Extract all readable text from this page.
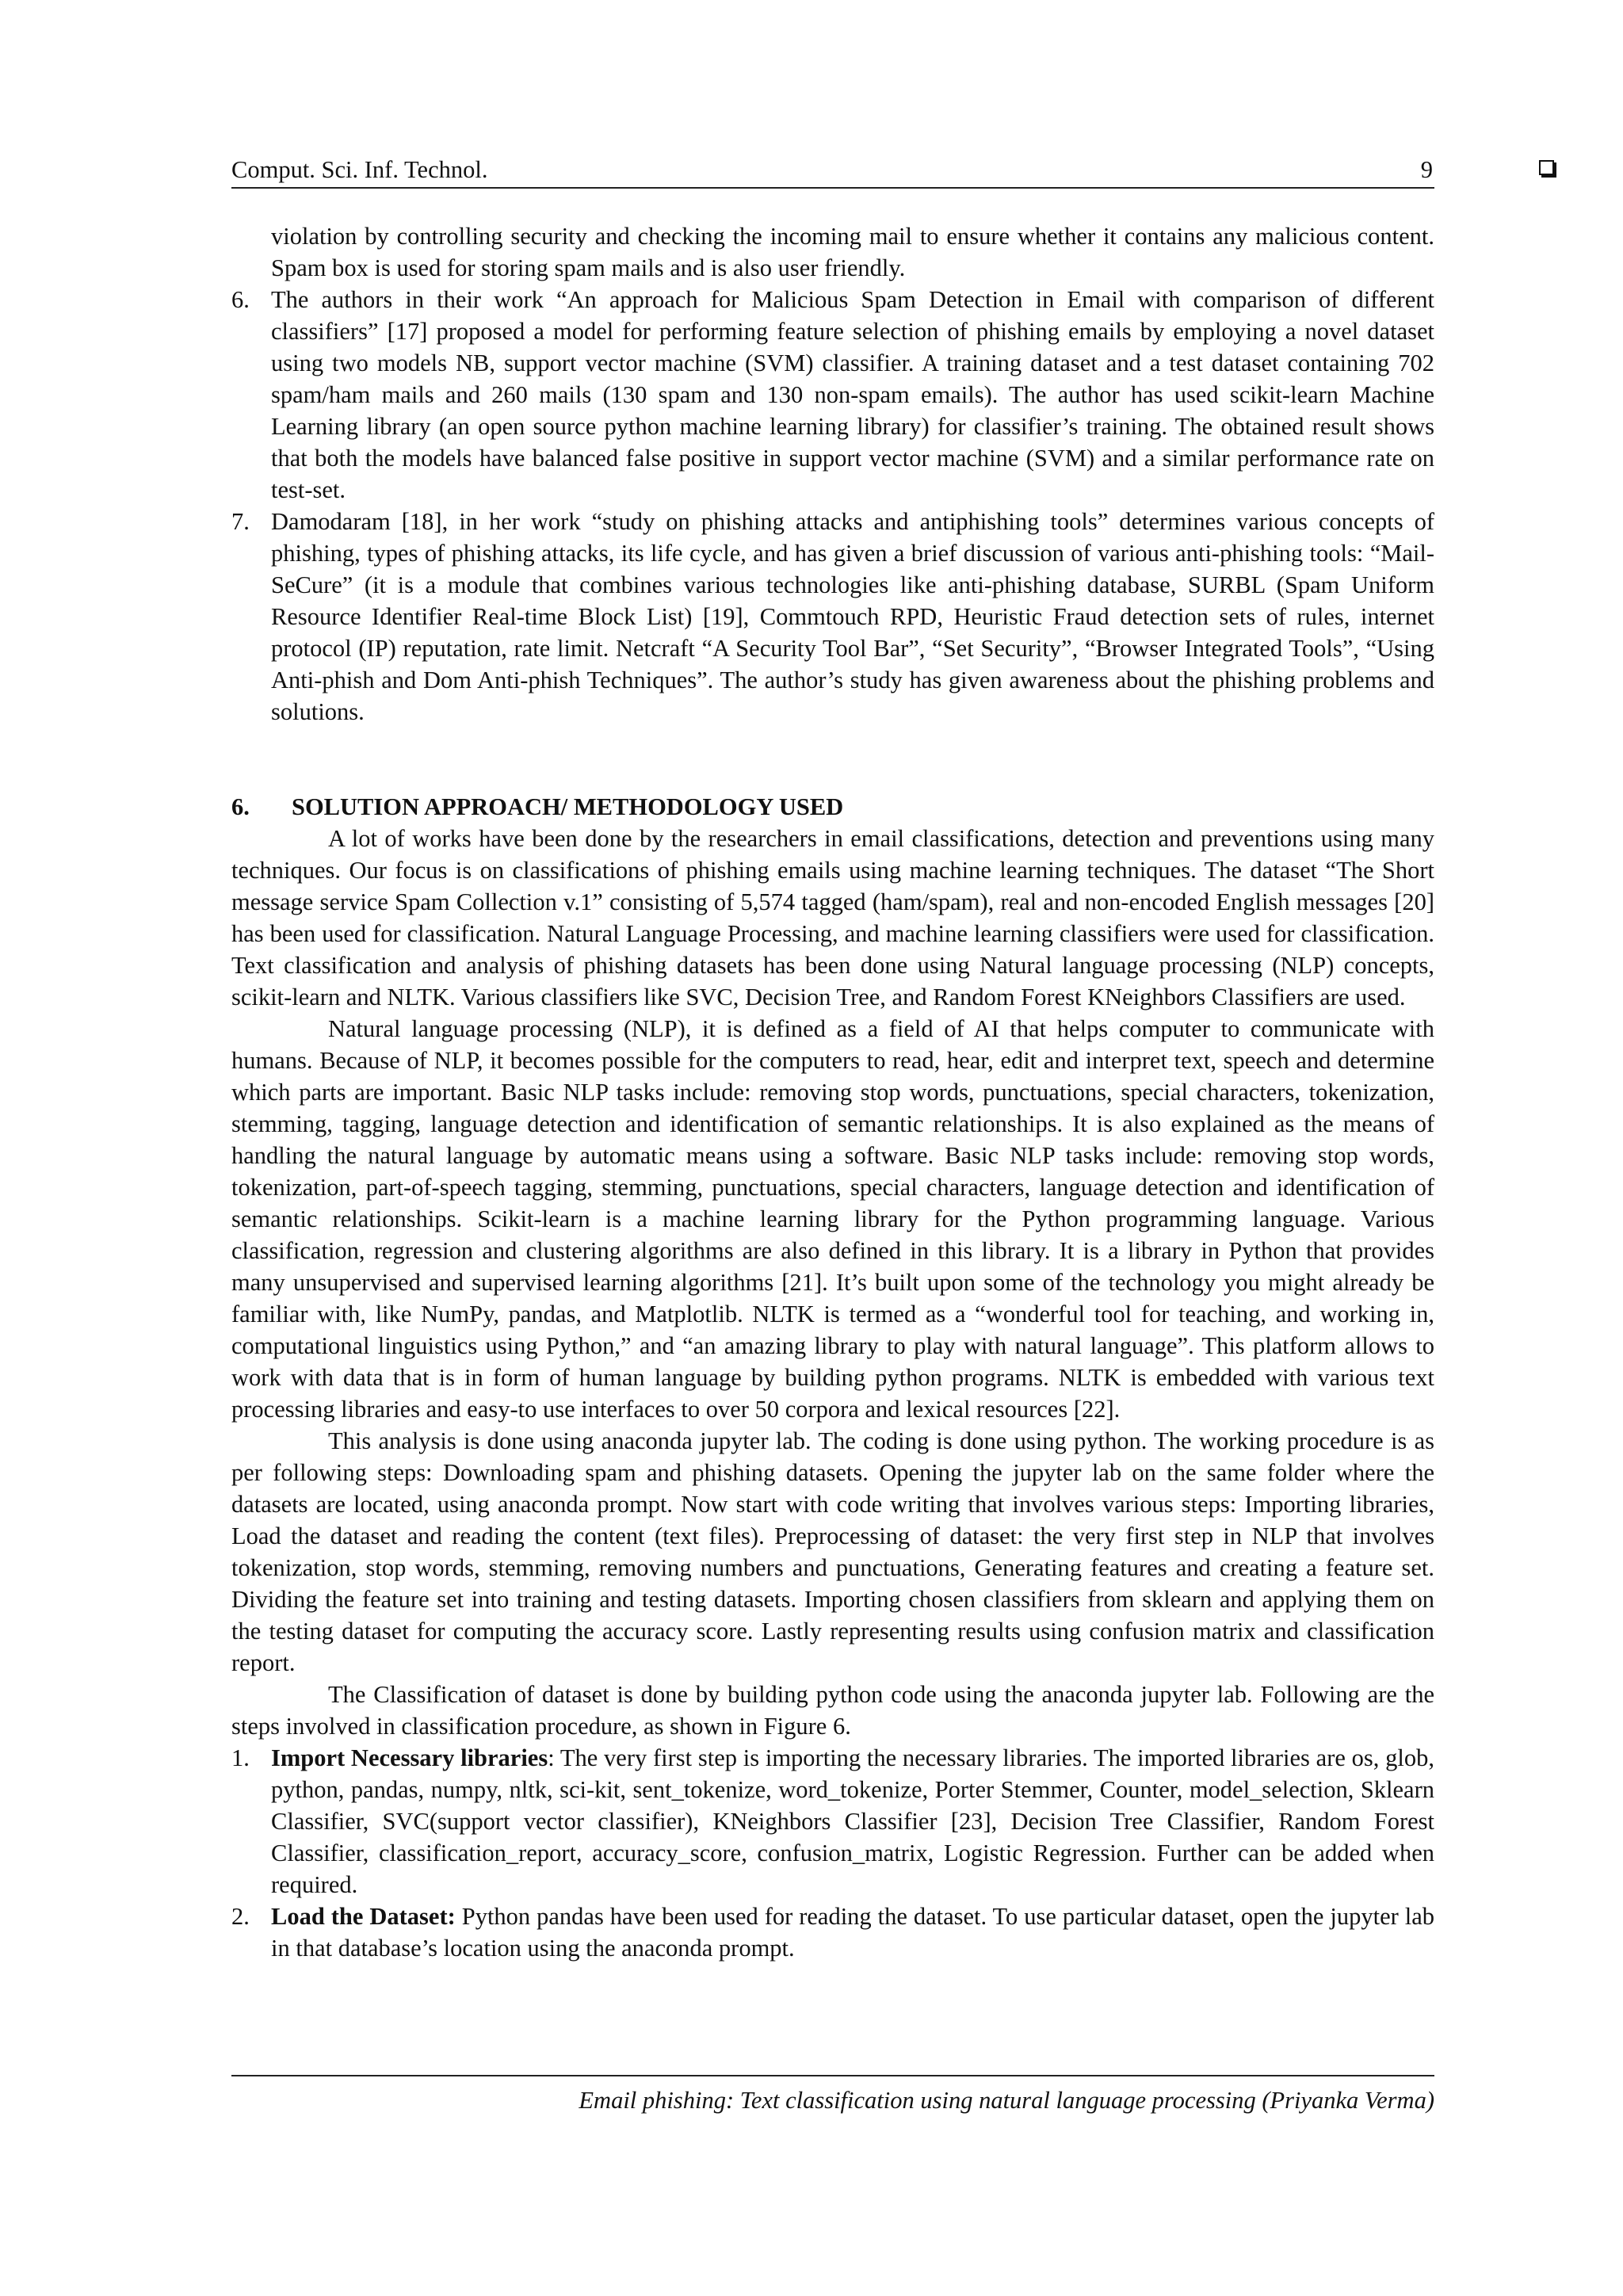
Comput. Sci. Inf. Technol.	9

violation by controlling security and checking the incoming mail to ensure whether it contains any malicious content. Spam box is used for storing spam mails and is also user friendly.

6. The authors in their work “An approach for Malicious Spam Detection in Email with comparison of different classifiers” [17] proposed a model for performing feature selection of phishing emails by employing a novel dataset using two models NB, support vector machine (SVM) classifier. A training dataset and a test dataset containing 702 spam/ham mails and 260 mails (130 spam and 130 non-spam emails). The author has used scikit-learn Machine Learning library (an open source python machine learning library) for classifier’s training. The obtained result shows that both the models have balanced false positive in support vector machine (SVM) and a similar performance rate on test-set.
7. Damodaram [18], in her work “study on phishing attacks and antiphishing tools” determines various concepts of phishing, types of phishing attacks, its life cycle, and has given a brief discussion of various anti-phishing tools: “Mail-SeCure” (it is a module that combines various technologies like anti-phishing database, SURBL (Spam Uniform Resource Identifier Real-time Block List) [19], Commtouch RPD, Heuristic Fraud detection sets of rules, internet protocol (IP) reputation, rate limit. Netcraft “A Security Tool Bar”, “Set Security”, “Browser Integrated Tools”, “Using Anti-phish and Dom Anti-phish Techniques”. The author’s study has given awareness about the phishing problems and solutions.
6.	SOLUTION APPROACH/ METHODOLOGY USED

A lot of works have been done by the researchers in email classifications, detection and preventions using many techniques. Our focus is on classifications of phishing emails using machine learning techniques. The dataset “The Short message service Spam Collection v.1” consisting of 5,574 tagged (ham/spam), real and non-encoded English messages [20] has been used for classification. Natural Language Processing, and machine learning classifiers were used for classification. Text classification and analysis of phishing datasets has been done using Natural language processing (NLP) concepts, scikit-learn and NLTK. Various classifiers like SVC, Decision Tree, and Random Forest KNeighbors Classifiers are used.

Natural language processing (NLP), it is defined as a field of AI that helps computer to communicate with humans. Because of NLP, it becomes possible for the computers to read, hear, edit and interpret text, speech and determine which parts are important. Basic NLP tasks include: removing stop words, punctuations, special characters, tokenization, stemming, tagging, language detection and identification of semantic relationships. It is also explained as the means of handling the natural language by automatic means using a software. Basic NLP tasks include: removing stop words, tokenization, part-of-speech tagging, stemming, punctuations, special characters, language detection and identification of semantic relationships. Scikit-learn is a machine learning library for the Python programming language. Various classification, regression and clustering algorithms are also defined in this library. It is a library in Python that provides many unsupervised and supervised learning algorithms [21]. It’s built upon some of the technology you might already be familiar with, like NumPy, pandas, and Matplotlib. NLTK is termed as a “wonderful tool for teaching, and working in, computational linguistics using Python,” and “an amazing library to play with natural language”. This platform allows to work with data that is in form of human language by building python programs. NLTK is embedded with various text processing libraries and easy-to use interfaces to over 50 corpora and lexical resources [22].

This analysis is done using anaconda jupyter lab. The coding is done using python. The working procedure is as per following steps: Downloading spam and phishing datasets. Opening the jupyter lab on the same folder where the datasets are located, using anaconda prompt. Now start with code writing that involves various steps: Importing libraries, Load the dataset and reading the content (text files). Preprocessing of dataset: the very first step in NLP that involves tokenization, stop words, stemming, removing numbers and punctuations, Generating features and creating a feature set. Dividing the feature set into training and testing datasets. Importing chosen classifiers from sklearn and applying them on the testing dataset for computing the accuracy score. Lastly representing results using confusion matrix and classification report.

The Classification of dataset is done by building python code using the anaconda jupyter lab. Following are the steps involved in classification procedure, as shown in Figure 6.

1. Import Necessary libraries: The very first step is importing the necessary libraries. The imported libraries are os, glob, python, pandas, numpy, nltk, sci-kit, sent_tokenize, word_tokenize, Porter Stemmer, Counter, model_selection, Sklearn Classifier, SVC(support vector classifier), KNeighbors Classifier [23], Decision Tree Classifier, Random Forest Classifier, classification_report, accuracy_score, confusion_matrix, Logistic Regression. Further can be added when required.
2. Load the Dataset: Python pandas have been used for reading the dataset. To use particular dataset, open the jupyter lab in that database’s location using the anaconda prompt.
Email phishing: Text classification using natural language processing (Priyanka Verma)
